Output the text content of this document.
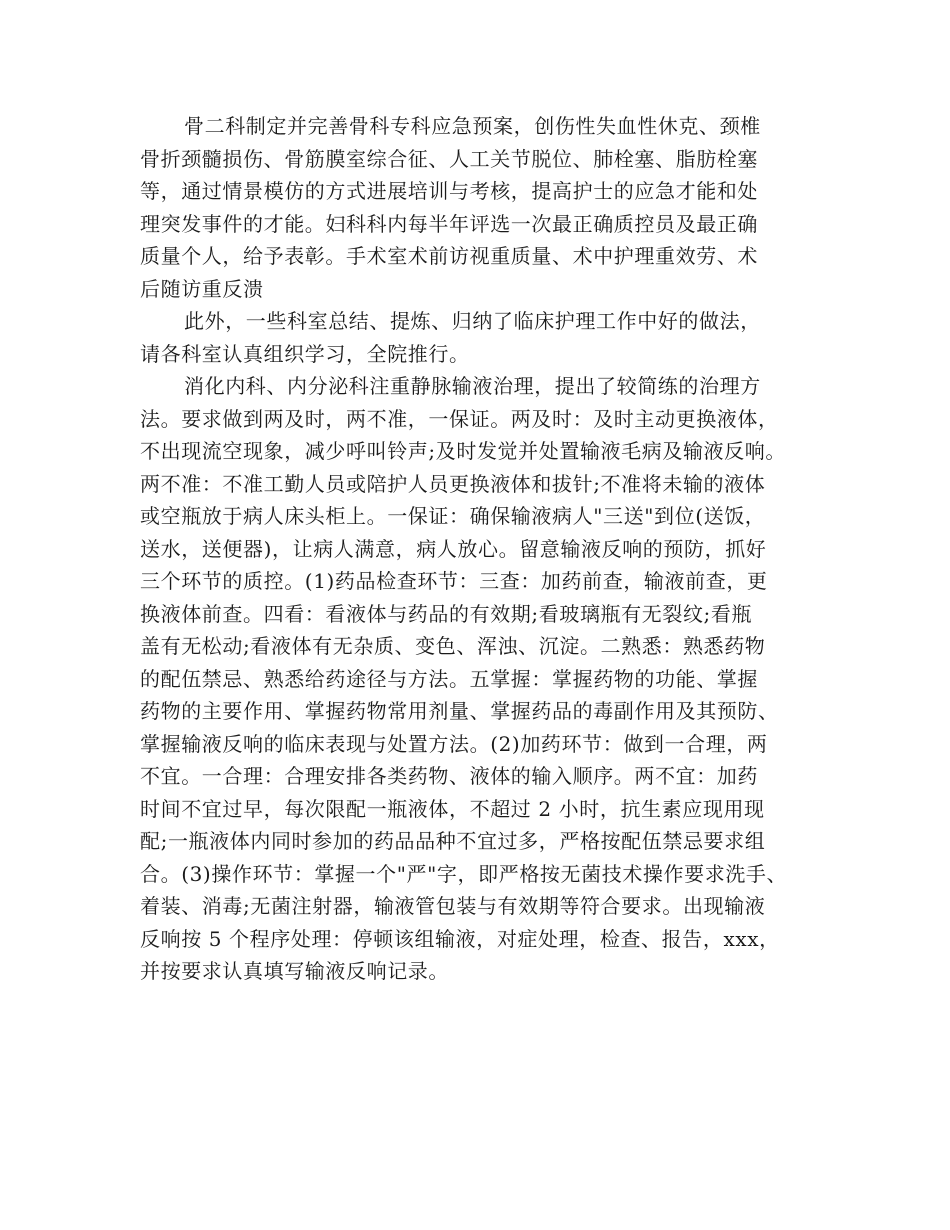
骨二科制定并完善骨科专科应急预案，创伤性失血性休克、颈椎
骨折颈髓损伤、骨筋膜室综合征、人工关节脱位、肺栓塞、脂肪栓塞
等，通过情景模仿的方式进展培训与考核，提高护士的应急才能和处
理突发事件的才能。妇科科内每半年评选一次最正确质控员及最正确
质量个人，给予表彰。手术室术前访视重质量、术中护理重效劳、术
后随访重反溃
此外，一些科室总结、提炼、归纳了临床护理工作中好的做法，
请各科室认真组织学习，全院推行。
消化内科、内分泌科注重静脉输液治理，提出了较简练的治理方
法。要求做到两及时，两不准，一保证。两及时：及时主动更换液体，
不出现流空现象，减少呼叫铃声;及时发觉并处置输液毛病及输液反响。
两不准：不准工勤人员或陪护人员更换液体和拔针;不准将未输的液体
或空瓶放于病人床头柜上。一保证：确保输液病人"三送"到位(送饭，
送水，送便器)，让病人满意，病人放心。留意输液反响的预防，抓好
三个环节的质控。(1)药品检查环节：三查：加药前查，输液前查，更
换液体前查。四看：看液体与药品的有效期;看玻璃瓶有无裂纹;看瓶
盖有无松动;看液体有无杂质、变色、浑浊、沉淀。二熟悉：熟悉药物
的配伍禁忌、熟悉给药途径与方法。五掌握：掌握药物的功能、掌握
药物的主要作用、掌握药物常用剂量、掌握药品的毒副作用及其预防、
掌握输液反响的临床表现与处置方法。(2)加药环节：做到一合理，两
不宜。一合理：合理安排各类药物、液体的输入顺序。两不宜：加药
时间不宜过早，每次限配一瓶液体，不超过 2 小时，抗生素应现用现
配;一瓶液体内同时参加的药品品种不宜过多，严格按配伍禁忌要求组
合。(3)操作环节：掌握一个"严"字，即严格按无菌技术操作要求洗手、
着装、消毒;无菌注射器，输液管包装与有效期等符合要求。出现输液
反响按 5 个程序处理：停顿该组输液，对症处理，检查、报告，xxx，
并按要求认真填写输液反响记录。
